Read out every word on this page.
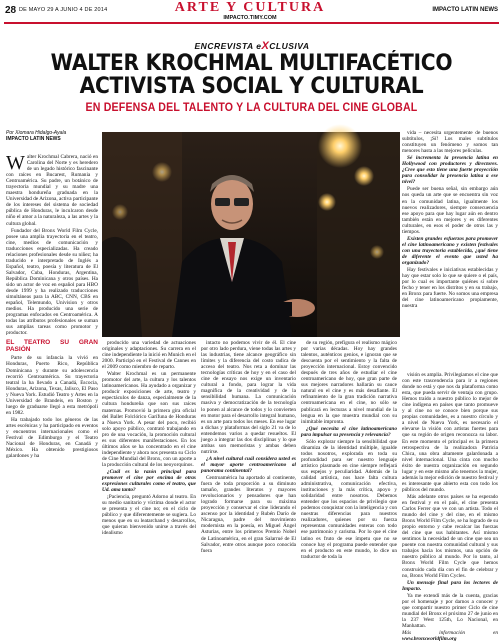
28 DE MAYO 29 A JUNIO 4 DE 2014	ARTE Y CULTURA
IMPACTO.TIMY.COM
IMPACTO LATIN NEWS
ENCREVISTA eXCLUSIVA
WALTER KROCHMAL MULTIFACÉTICO
ACTIVISTA SOCIAL Y CULTURAL
EN DEFENSA DEL TALENTO Y LA CULTURA DEL CINE GLOBAL
Por Xiomara Hidalgo-Ayala
IMPACTO LATIN NEWS

Walter Krochmal Cabrera, nació en Carolina del Norte y es heredero de un legado histórico fascinante con raíces en Bucarest, Rumania y Centroamérica. Su padre, un botánico de trayectoria mundial y su madre una maestra hondureña graduada en la Universidad de Arizona, activa participante de los intereses del sistema de sociedad pública de Honduras, le inculcaron desde niño el amor a la naturaleza, a las artes y la cultura global.

Fundador del Bronx World Film Cycle, posee una amplia trayectoria en el teatro, cine, medios de comunicación y traducciones especializadas. Ha creado relaciones profesionales desde su niñez; ha traducido e interpretado de Inglés a Español, teatro, poesía y literatura de El Salvador, Cuba, Honduras, Argentina, República Dominicana y otros países. Ha sido un actor de voz en español para HBO desde 1999 y ha realizado traducciones simultáneas para la ABC, CNN, CBS en español, Telemundo, Univision y otros medios. Ha producido una serie de programas enfocados en Centroamérica. A todas las atributos profesionales se suman sus amplias tareas como promotor y productor.

EL TEATRO SU GRAN PASIÓN

Parte de su infancia la vivió en Honduras, Puerto Rico, República Dominicana y durante su adolescencia recorrió Centroamérica. Su trayectoria teatral la ha llevado a Canadá, Escocia, Honduras, Arizona, Texas, Jalisco, El Paso y Nueva York. Estudió Teatro y Artes en la Universidad de Brandeis, en Boston y luego de graduarse llegó a esta metrópoli en 1982.

Ha trabajado todo los géneros de las artes escénicas y ha participado en eventos y encuentros internacionales como el Festival de Edimburgo y el Teatro Nacional de Honduras, en Canadá y México. Ha obtenido prestigiosos galardones y ha

producido una variedad de actuaciones originales y adaptaciones. Su carrera en el cine independiente la inició en Munich en el 2000. Participó en el Festival de Cannes en el 2009 como miembro de reparto.

Walter Krochmal es un permanente promotor del arte, la cultura y los talentos latinoamericanos. Ha ayudado a organizar y producir exposiciones de arte, teatro y espectáculos de danza, especialmente de la cultura hondureña que son sus raíces maternas. Promovió la primera gira oficial del Ballet Folclórico Garífuna de Honduras a Nueva York. A pesar del poco, recibió solo apoyo público, contrató trabajando en pro de una vocación, la promoción cultural es sus diferentes manifestaciones. En los últimos años se ha concentrado en el cine independiente y ahora nos presenta su Ciclo de Cine Mundial del Bronx, con un aporte a la producción cultural de los neoyorquinos.

¿Cuál es la razón principal para promover el cine por encima de otras expresiones culturales como el teatro, que Ud. ama tanto?

¡Paciencia, preguntó Adorno al teatro. En su medio sanitario y víctima donde el actor se presenta y el cine no; en el ciclo de público y que diferentemente se sugiera. Lo menos que en su leatarchand y desarrollos, que quieran bienvenido unirse a través del idealismo

intacto no podemos vivir de él. El cine por otro lado perdura, viene todas las artes y las industrias, tiene alcance geográfico sin límites y la diferencia del costo radica de acceso del teatro. Nos reta a dominar las tecnologías críticas de hoy y en el caso del cine de ensayo nos exige un inventario cultural a fondo, para lograr la vida magnífica de la creatividad y de la sensibilidad humana. La comunicación masiva y democratización de la tecnología lo ponen al alcance de todos y lo convierten en motor para el desarrollo integral humano, es un arte para todos los meses. En ese lugar a dichas y plataformas del siglo 21 va de lo entendemos varios a quedar resueltos. El juego a integrar las dos disciplinas y lo que ambas son memoristas y ambas deben nutrirse.

¿A nivel cultural cuál considera usted es el mayor aporte centroamericano al panorama continental?

Centroamérica ha aportado al continente, fuera de toda proporción a su diminuto tamaño, grandes literatos y mayores revolucionarios y pensadores que han logrado formarse para su máxima proyección y conservar el cine liderando el ascenso por la identidad y Rubén Darío de Nicaragua, padre del movimiento modernista en la poesía, en Miguel Ángel Asturias, entre los primeros Premio Nobel de Latinoamérica, en el gran Salarrué de El Salvador, entre otros aunque poco conocida fuera

de su región, prefigura el realismo mágico por varias décadas. Hoy hay grandes talentos, auténticos genios, e ignoran que se descuenta por el sentimiento y la falta de proyección internacional. Estoy convencido después de tres años de estudiar el cine centroamericano de hoy, que gran parte de sus mejores narradores hallarán su cauce natural en el cine y es más desafiante. El refinamiento de la gran tradición narrativa centroamericana en el cine, no sólo se publicará en lecturas a nivel mundial de la lengua en la que muestra mundial con su inimitable impronta.

¿Qué necesita el cine latinoamericano para impulsar su presencia y relevancia?

Sólo explorar siempre la sensibilidad que dinamiza de la identidad múltiple, igualde todos nosotros, explorada en toda su profundidad para ser nuestro lenguaje artístico plasmado en cine siempre reflejará sus espejos y peculiaridad. Además de la calidad artística, nos hace falta cultura administrativa, comunicación efectiva, instituciones y la más crítica, apoyo y solidaridad entre nosotros. Debemos entender que los espacios de privilegio que podemos conquistar con la inteligencia y con nuestras diferencias para nuestros realizadores, quienes por su fuerza representan comunidades enteras con todo ese patrimonio y carisma. Por lo que el cine latino es fruto de ese ímpetu que no se conoce hay el programa puede entender que en el producto en este mundo, lo dice un traductor de toda la

vida – necesita urgentemente de buenos subtítulos, ¡Sí! Los males subtítulos constituyen un fenómeno y somos tan menores hasta a las mejores películas.

Sé incrementa la presencia latina en Hollywood con productores y directores. ¿Cree que esto tiene una fuerte proyección para consolidar la presencia latina a ese nivel?

Puede ser buena señal, sin embargo aún nos queda un arte que se encuentra sin voz en la comunidad latina, igualmente los nuevos realizadores, siempre consecuencia ese apoyo para que hay lugar aún en dentro también están en mejores y es diferentes culturales, en esos el poder de otros las y tiempos.

Existen grandes esfuerzos para promover el cine latinoamericano y existen festivales con una trayectoria establecida, ¿qué tiene de diferente el evento que usted ha organizado?

Hay festivales e iniciativas establecidas y hay que estar solo lo que se quiere o el país, por lo cual es importante quiénes sí sobre fecho y tener en los distritos y en su trabajo, en Bronx para fuerte. No somos una empresa del cine latinoamericano propiamente, nuestra

visión es amplia. Privilegiamos el cine que con este trascendencia para ir a regiones donde no está y que nos da plataforma como esta, que pueda servir de ventaja con grupo. Hemos traído a nuestro público lo mejor de cine indígena en países que tanto promueve y al cine no se conoce bien porque sus propias comunidades, es a nuestro círculo y a nivel de Nueva York, es necesario el elevarse la visión con artistas fuertes para que su región de origen reconozca su labor. En este momento el principal es la primera retrospectiva de la realizadora Patricia Chica, una obra altamente galardonada a nivel internacional. Una cinta con mucho éxito de nuestra organización en segundo lugar y en este mismo año tenemos la mujer, además la mejor edición de nuestro festival y es interesante que abierto esta con todo los públicos del mundo.

Más adelante otros países se ha esperado en festival y en el país, el cine presenta Carlos Ferrer que ve con un artista. Todo el mundo del cine y del cine, en el mismo Bronx World Film Cycle, se ha logrado de su propio entorno y cabe recalcar las fuerzas del cine que sus habitantes. Así mismo sentimos la necesidad de un cine que sea un puente con nuestra comunidad cultural y sus trabajos hacia los mismos, una opción de nuestro público al mundo. Por lo tanto, al Bronx World Film Cycle que hemos construido cada día con el fin de celebrar y no, Bronx World Film Cycles.

Un mensaje final para los lectores de Impacto.

Ya me extendí más de la cuenta, gracias por el homenaje y por darnos a conocer y que compartir nuestro primer Ciclo de cine mundial del Bronx el próximo 27 de junio en la 237 West 125th, Lo Nacional, en Manhattan.

Más información en www.bronxworldfilm.org
